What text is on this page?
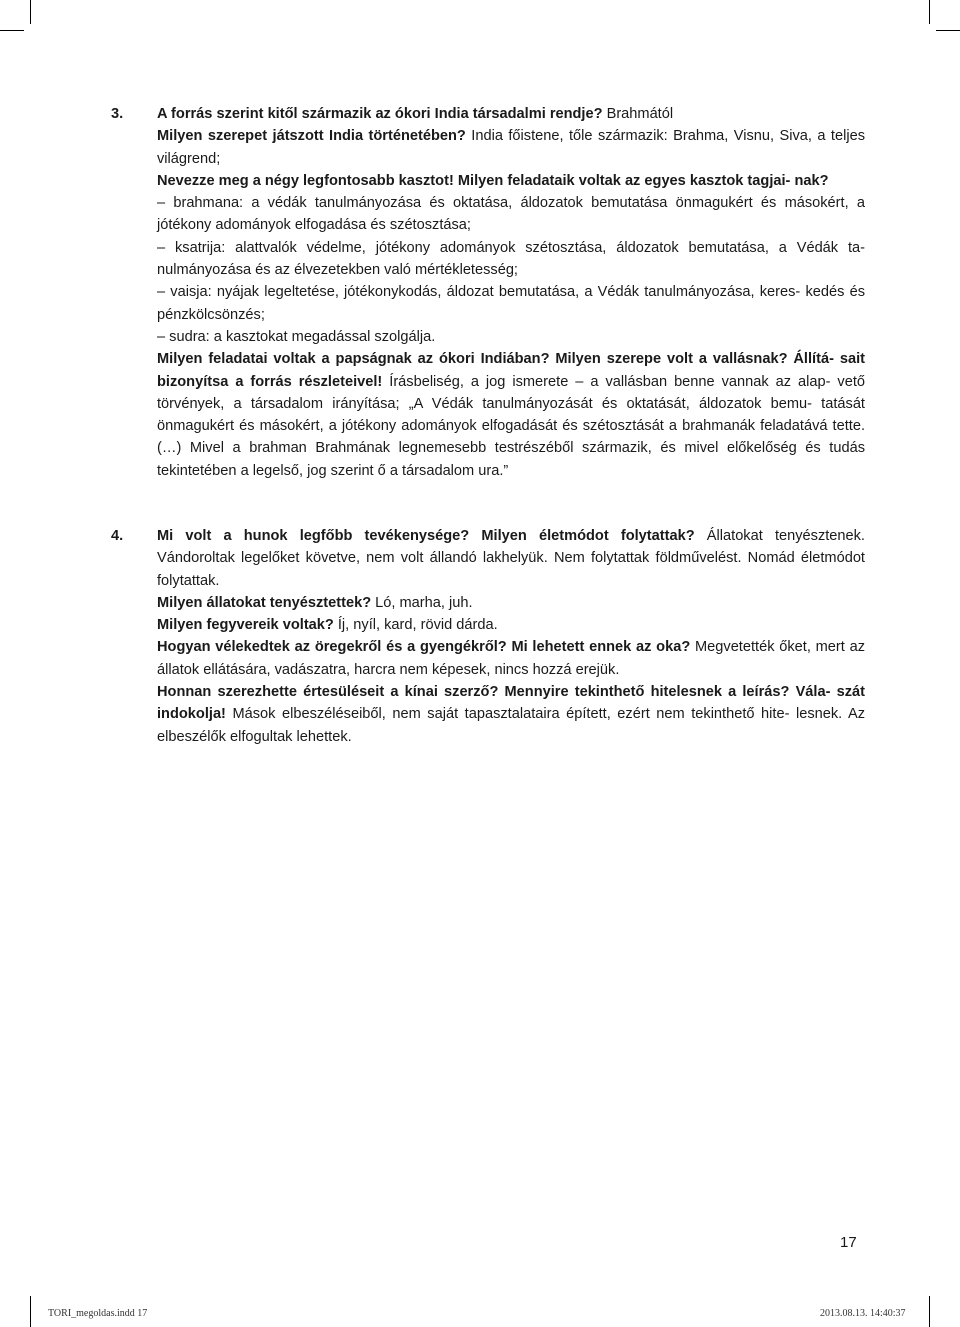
3. A forrás szerint kitől származik az ókori India társadalmi rendje? Brahmától

Milyen szerepet játszott India történetében? India főistene, tőle származik: Brahma, Visnu, Siva, a teljes világrend;

Nevezze meg a négy legfontosabb kasztot! Milyen feladataik voltak az egyes kasztok tagjai- nak?

– brahmana: a védák tanulmányozása és oktatása, áldozatok bemutatása önmagukért és másokért, a jótékony adományok elfogadása és szétosztása;

– ksatrija: alattvalók védelme, jótékony adományok szétosztása, áldozatok bemutatása, a Védák ta- nulmányozása és az élvezetekben való mértékletesség;

– vaisja: nyájak legeltetése, jótékonykodás, áldozat bemutatása, a Védák tanulmányozása, keres- kedés és pénzkölcsönzés;

– sudra: a kasztokat megadással szolgálja.

Milyen feladatai voltak a papságnak az ókori Indiában? Milyen szerepe volt a vallásnak? Állítá- sait bizonyítsa a forrás részleteivel! Írásbeliség, a jog ismerete – a vallásban benne vannak az alap- vető törvények, a társadalom irányítása; „A Védák tanulmányozását és oktatását, áldozatok bemu- tatását önmagukért és másokért, a jótékony adományok elfogadását és szétosztását a brahmanák feladatává tette. (…) Mivel a brahman Brahmának legnemesebb testrészéből származik, és mivel előkelőség és tudás tekintetében a legelső, jog szerint ő a társadalom ura.”

4. Mi volt a hunok legfőbb tevékenysége? Milyen életmódot folytattak? Állatokat tenyésztenek. Vándoroltak legelőket követve, nem volt állandó lakhelyük. Nem folytattak földművelést. Nomád életmódot folytattak.

Milyen állatokat tenyésztettek? Ló, marha, juh.

Milyen fegyvereik voltak? Íj, nyíl, kard, rövid dárda.

Hogyan vélekedtek az öregekről és a gyengékről? Mi lehetett ennek az oka? Megvetették őket, mert az állatok ellátására, vadászatra, harcra nem képesek, nincs hozzá erejük.

Honnan szerezhette értesüléseit a kínai szerző? Mennyire tekinthető hitelesnek a leírás? Vála- szát indokolja! Mások elbeszéléseiből, nem saját tapasztalataira épített, ezért nem tekinthető hite- lesnek. Az elbeszélők elfogultak lehettek.

17
TORI_megoldas.indd 17	2013.08.13. 14:40:37
